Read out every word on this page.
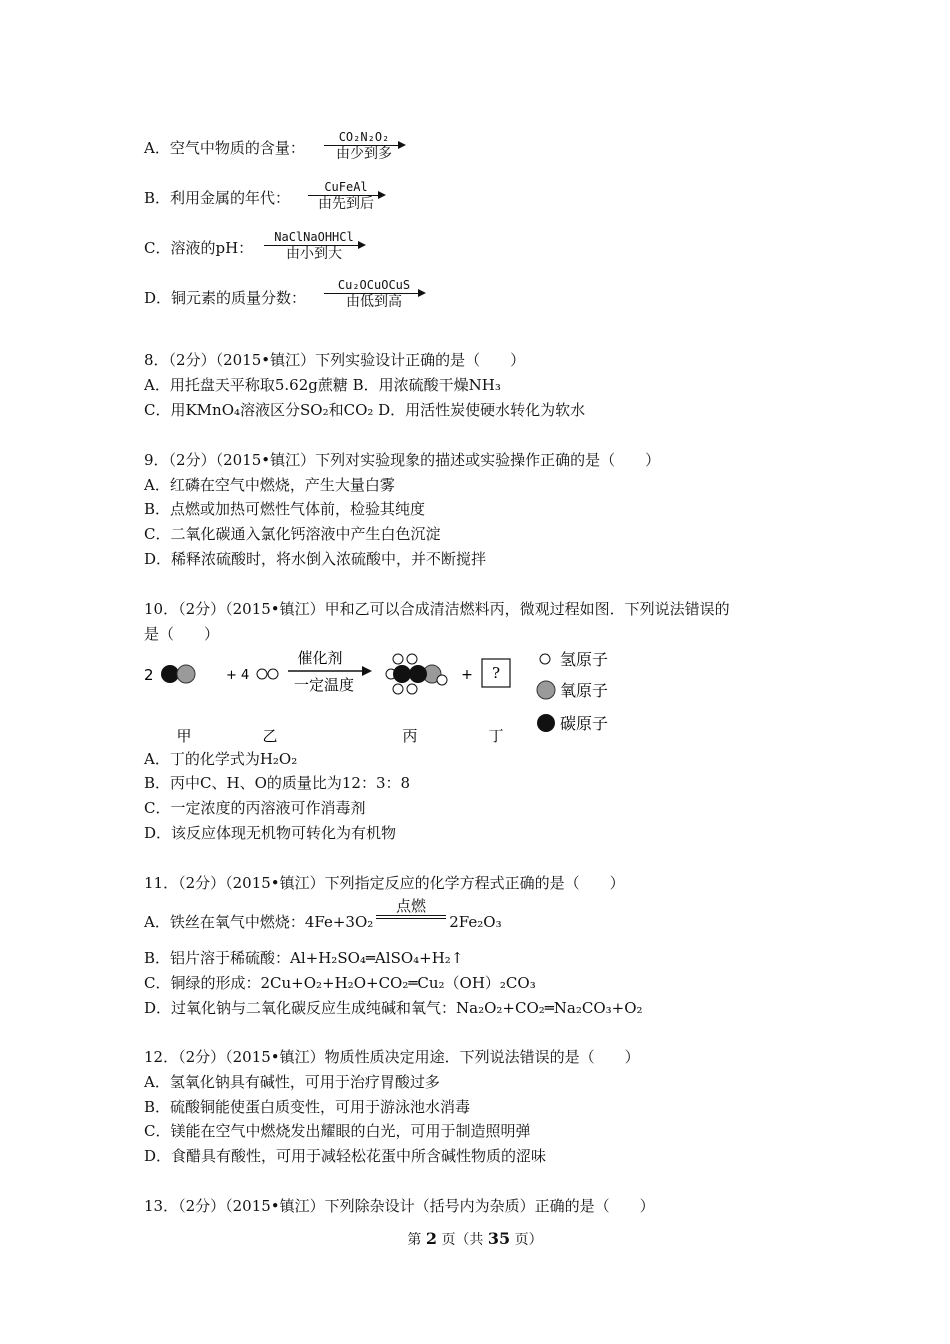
A．空气中物质的含量：
CO₂N₂O₂
由少到多
B．利用金属的年代：
CuFeAl
由先到后
C．溶液的pH：
NaClNaOHHCl
由小到大
D．铜元素的质量分数：
Cu₂OCuOCuS
由低到高
8．（2分）（2015•镇江）下列实验设计正确的是（　　）
A．用托盘天平称取5.62g蔗糖 B．用浓硫酸干燥NH₃
C．用KMnO₄溶液区分SO₂和CO₂ D．用活性炭使硬水转化为软水
9．（2分）（2015•镇江）下列对实验现象的描述或实验操作正确的是（　　）
A．红磷在空气中燃烧，产生大量白雾
B．点燃或加热可燃性气体前，检验其纯度
C．二氧化碳通入氯化钙溶液中产生白色沉淀
D．稀释浓硫酸时，将水倒入浓硫酸中，并不断搅拌
10．（2分）（2015•镇江）甲和乙可以合成清洁燃料丙，微观过程如图．下列说法错误的
是（　　）
2	+ 4
催化剂
一定温度
+ ?
甲	乙	丙	丁
氢原子
氧原子
碳原子
A．丁的化学式为H₂O₂
B．丙中C、H、O的质量比为12：3：8
C．一定浓度的丙溶液可作消毒剂
D．该反应体现无机物可转化为有机物
11．（2分）（2015•镇江）下列指定反应的化学方程式正确的是（　　）
A．铁丝在氧气中燃烧：4Fe+3O₂	2Fe₂O₃
点燃
B．铝片溶于稀硫酸：Al+H₂SO₄═AlSO₄+H₂↑
C．铜绿的形成：2Cu+O₂+H₂O+CO₂═Cu₂（OH）₂CO₃
D．过氧化钠与二氧化碳反应生成纯碱和氧气：Na₂O₂+CO₂═Na₂CO₃+O₂
12．（2分）（2015•镇江）物质性质决定用途．下列说法错误的是（　　）
A．氢氧化钠具有碱性，可用于治疗胃酸过多
B．硫酸铜能使蛋白质变性，可用于游泳池水消毒
C．镁能在空气中燃烧发出耀眼的白光，可用于制造照明弹
D．食醋具有酸性，可用于减轻松花蛋中所含碱性物质的涩味
13．（2分）（2015•镇江）下列除杂设计（括号内为杂质）正确的是（　　）
第 2 页（共 35 页）
